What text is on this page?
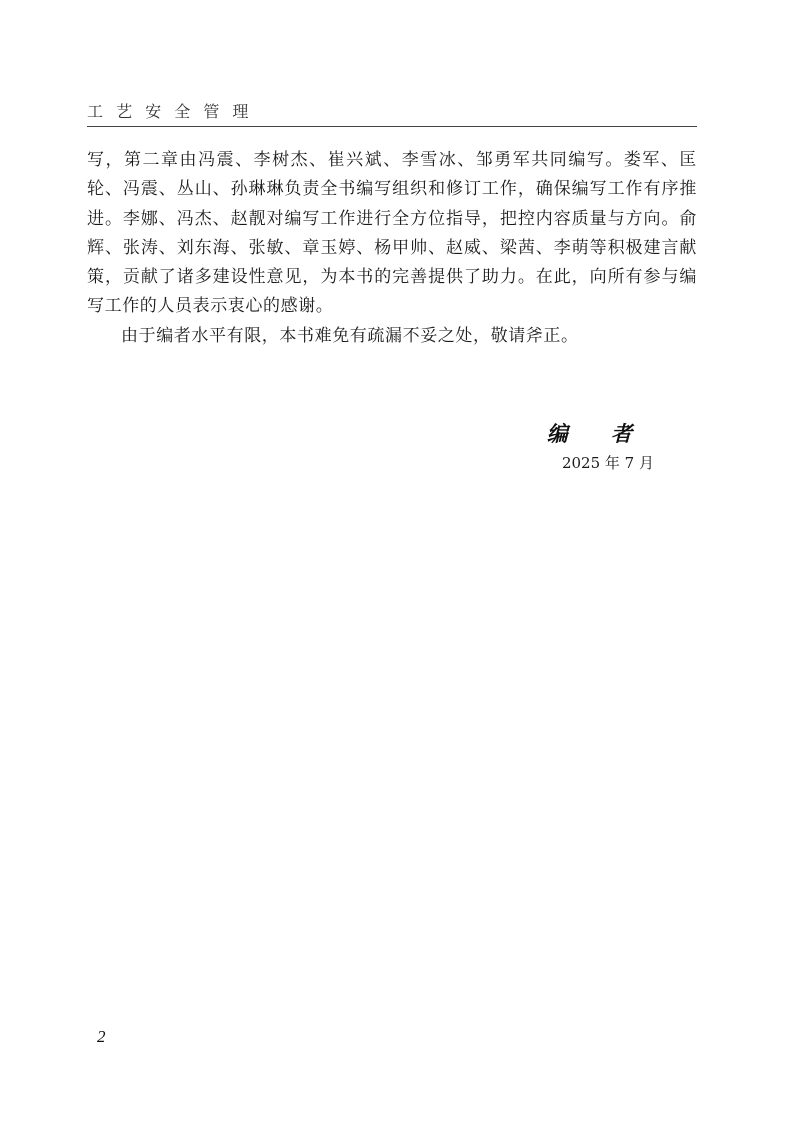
工 艺 安 全 管 理

写，第二章由冯震、李树杰、崔兴斌、李雪冰、邹勇军共同编写。娄军、匡轮、冯震、丛山、孙琳琳负责全书编写组织和修订工作，确保编写工作有序推进。李娜、冯杰、赵靓对编写工作进行全方位指导，把控内容质量与方向。俞辉、张涛、刘东海、张敏、章玉婷、杨甲帅、赵威、梁茜、李萌等积极建言献策，贡献了诸多建设性意见，为本书的完善提供了助力。在此，向所有参与编写工作的人员表示衷心的感谢。

由于编者水平有限，本书难免有疏漏不妥之处，敬请斧正。

编 者
2025 年 7 月
2
